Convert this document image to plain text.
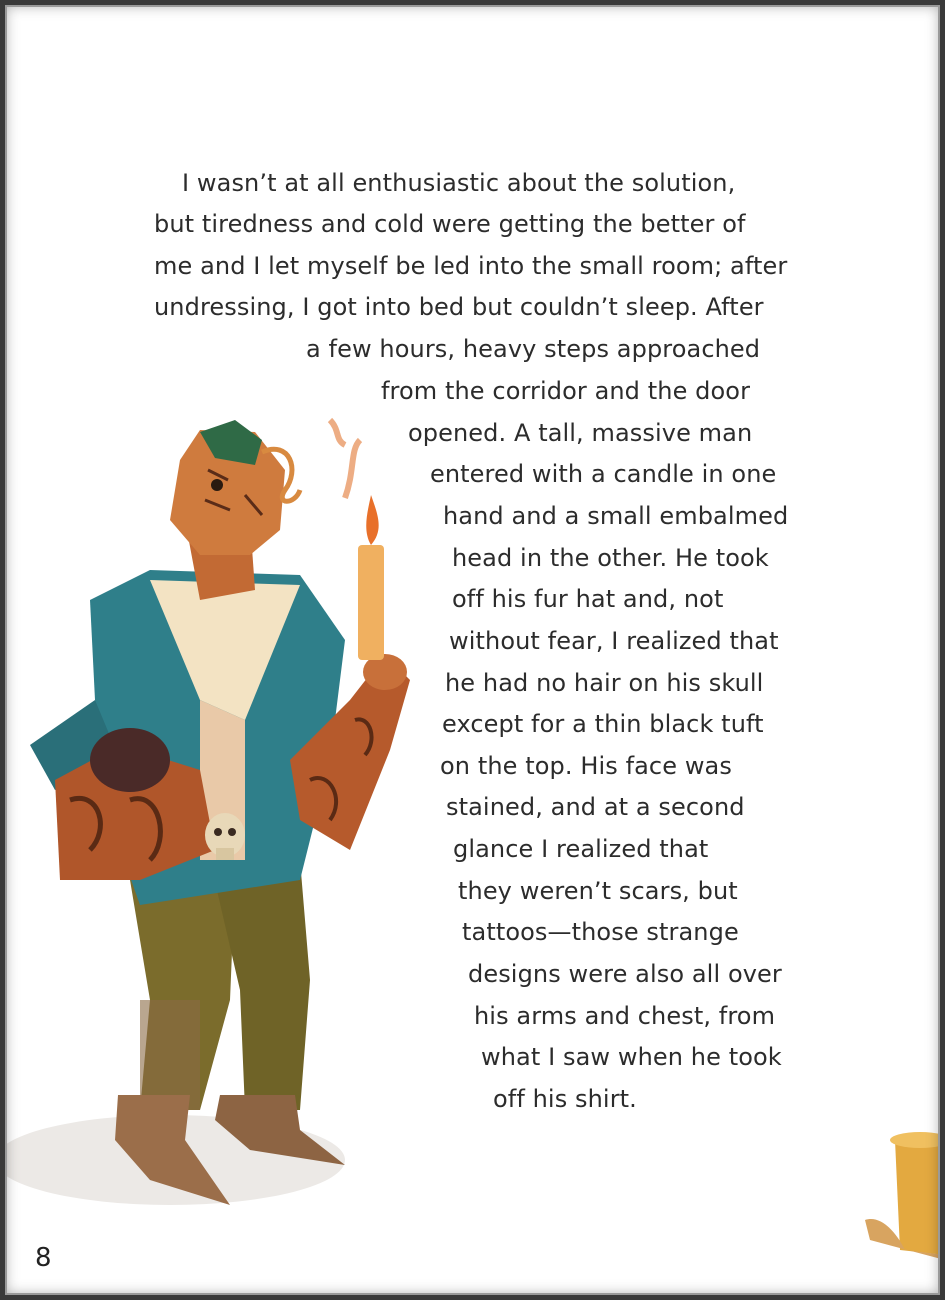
I wasn’t at all enthusiastic about the solution,
but tiredness and cold were getting the better of
me and I let myself be led into the small room; after
undressing, I got into bed but couldn’t sleep. After
a few hours, heavy steps approached
from the corridor and the door
opened. A tall, massive man
entered with a candle in one
hand and a small embalmed
head in the other. He took
off his fur hat and, not
without fear, I realized that
he had no hair on his skull
except for a thin black tuft
on the top. His face was
stained, and at a second
glance I realized that
they weren’t scars, but
tattoos—those strange
designs were also all over
his arms and chest, from
what I saw when he took
off his shirt.
8
